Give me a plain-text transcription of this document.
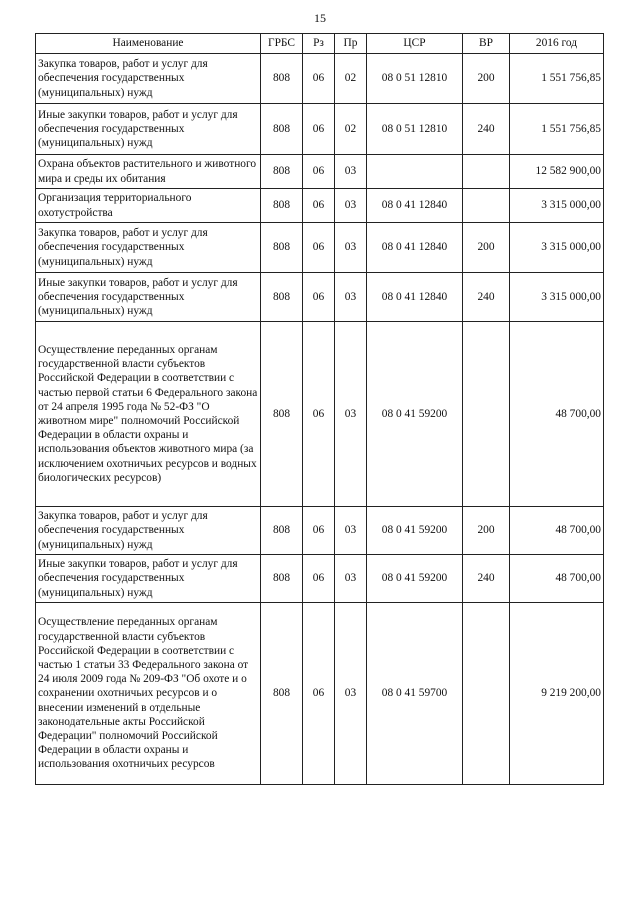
15
Наименование	ГРБС	Рз	Пр	ЦСР	ВР	2016 год
Закупка товаров, работ и услуг для обеспечения государственных (муниципальных) нужд	808	06	02	08 0 51 12810	200	1 551 756,85
Иные закупки товаров, работ и услуг для обеспечения государственных (муниципальных) нужд	808	06	02	08 0 51 12810	240	1 551 756,85
Охрана объектов растительного и животного мира и среды их обитания	808	06	03			12 582 900,00
Организация территориального охотустройства	808	06	03	08 0 41 12840		3 315 000,00
Закупка товаров, работ и услуг для обеспечения государственных (муниципальных) нужд	808	06	03	08 0 41 12840	200	3 315 000,00
Иные закупки товаров, работ и услуг для обеспечения государственных (муниципальных) нужд	808	06	03	08 0 41 12840	240	3 315 000,00
Осуществление переданных органам государственной власти субъектов Российской Федерации в соответствии с частью первой статьи 6 Федерального закона от 24 апреля 1995 года № 52-ФЗ "О животном мире" полномочий Российской Федерации в области охраны и использования объектов животного мира (за исключением охотничьих ресурсов и водных биологических ресурсов)	808	06	03	08 0 41 59200		48 700,00
Закупка товаров, работ и услуг для обеспечения государственных (муниципальных) нужд	808	06	03	08 0 41 59200	200	48 700,00
Иные закупки товаров, работ и услуг для обеспечения государственных (муниципальных) нужд	808	06	03	08 0 41 59200	240	48 700,00
Осуществление переданных органам государственной власти субъектов Российской Федерации в соответствии с частью 1 статьи 33 Федерального закона от 24 июля 2009 года № 209-ФЗ "Об охоте и о сохранении охотничьих ресурсов и о внесении изменений в отдельные законодательные акты Российской Федерации" полномочий Российской Федерации в области охраны и использования охотничьих ресурсов	808	06	03	08 0 41 59700		9 219 200,00
